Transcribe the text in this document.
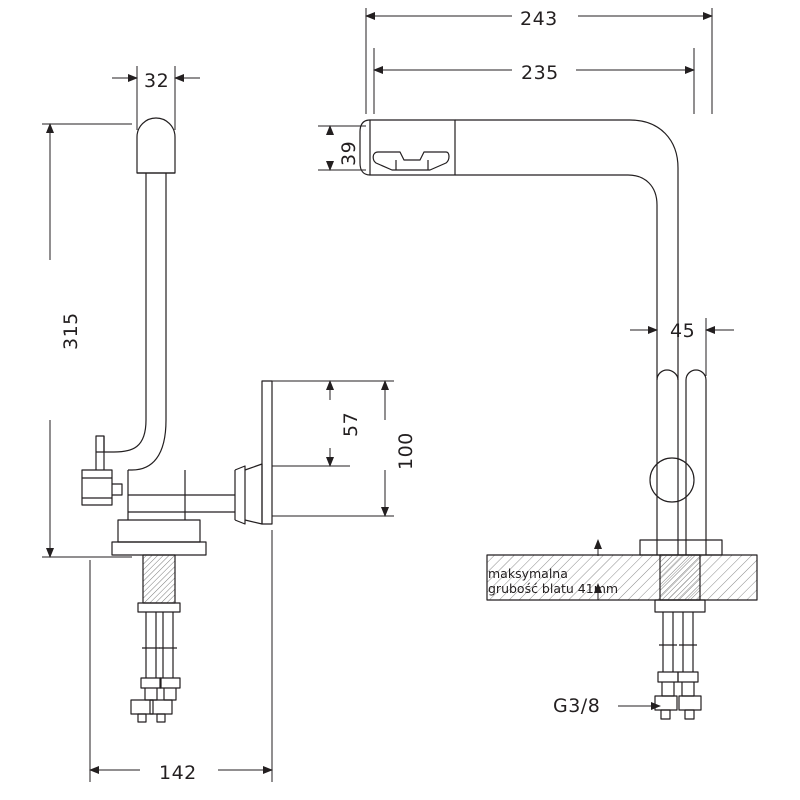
32
315
57
100
142
243
235
39
45
G3/8
maksymalna
grubość blatu 41mm
